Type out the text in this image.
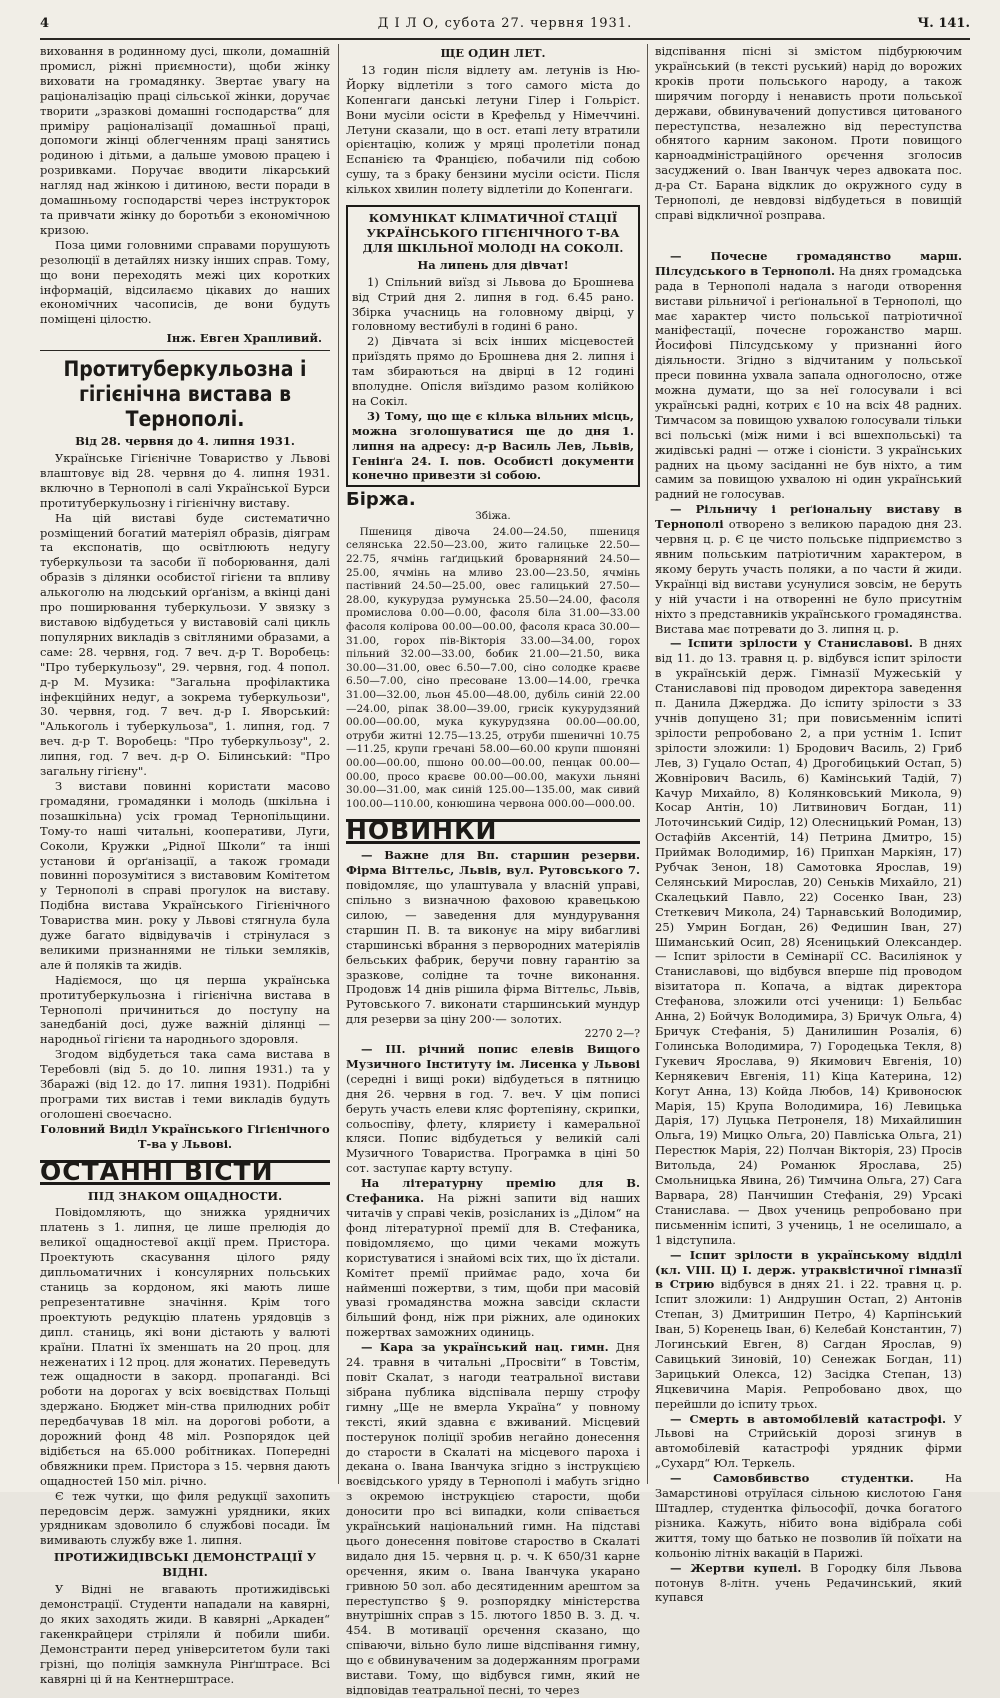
4	Д І Л О, субота 27. червня 1931.	Ч. 141.

виховання в родинному дусі, школи, домашній промисл, ріжні приємности), щоби жінку виховати на громадянку. Звертає увагу на раціоналізацію праці сільської жінки, доручає творити „зразкові домашні господарства“ для приміру раціоналізації домашньої праці, допомоги жінці облегченням праці занятись родиною і дітьми, а дальше умовою працею і розривками. Поручає вводити лікарський нагляд над жінкою і дитиною, вести поради в домашньому господарстві через інструкторок та привчати жінку до боротьби з економічною кризою.

Поза цими головними справами порушують резолюції в детайлях низку інших справ. Тому, що вони переходять межі цих коротких інформацій, відсилаємо цікавих до наших економічних часописів, де вони будуть поміщені цілостю.

Інж. Евген Храпливий.
Протитуберкульозна і гігієнічна вистава в Тернополі.
Від 28. червня до 4. липня 1931.

Українське Гігієнічне Товариство у Львові влаштовує від 28. червня до 4. липня 1931. включно в Тернополі в салі Української Бурси протитуберкульозну і гігієнічну виставу.

На цій виставі буде систематично розміщений богатий матеріял образів, діяграм та експонатів, що освітлюють недугу туберкульози та засоби її поборювання, далі образів з ділянки особистої гігієни та впливу алькоголю на людський орґанізм, а вкінці дані про поширювання туберкульози. У звязку з виставою відбудеться у виставовій салі цикль популярних викладів з світляними образами, а саме: 28. червня, год. 7 веч. д-р Т. Воробець: "Про туберкульозу", 29. червня, год. 4 попол. д-р М. Музика: "Загальна профілактика інфекційних недуг, а зокрема туберкульози", 30. червня, год. 7 веч. д-р І. Яворський: "Алькоголь і туберкульоза", 1. липня, год. 7 веч. д-р Т. Воробець: "Про туберкульозу", 2. липня, год. 7 веч. д-р О. Білинський: "Про загальну гігієну".

З вистави повинні користати масово громадяни, громадянки і молодь (шкільна і позашкільна) усіх громад Тернопільщини. Тому-то наші читальні, кооперативи, Луги, Соколи, Кружки „Рідної Школи“ та інші установи й орґанізації, а також громади повинні порозумітися з виставовим Комітетом у Тернополі в справі прогулок на виставу. Подібна вистава Українського Гігієнічного Товариства мин. року у Львові стягнула була дуже багато відвідувачів і стрінулася з великими признаннями не тільки земляків, але й поляків та жидів.

Надіємося, що ця перша українська протитуберкульозна і гігієнічна вистава в Тернополі причиниться до поступу на занедбаній досі, дуже важній ділянці — народньої гігієни та народнього здоровля.

Згодом відбудеться така сама вистава в Теребовлі (від 5. до 10. липня 1931.) та у Збаражі (від 12. до 17. липня 1931). Подрібні програми тих вистав і теми викладів будуть оголошені своєчасно.

Головний Виділ Українського Гігієнічного Т-ва у Львові.
ОСТАННІ ВІСТИ
ПІД ЗНАКОМ ОЩАДНОСТИ.

Повідомляють, що знижка урядничих платень з 1. липня, це лише прелюдія до великої ощадностевої акції прем. Пристора. Проектують скасування цілого ряду дипльоматичних і консулярних польських станиць за кордоном, які мають лише репрезентативне значіння. Крім того проектують редукцію платень урядовців з дипл. станиць, які вони дістають у валюті країни. Платні їх зменшать на 20 проц. для неженатих і 12 проц. для жонатих. Переведуть теж ощадности в закорд. пропаганді. Всі роботи на дорогах у всіх воєвідствах Польщі здержано. Бюджет мін-ства прилюдних робіт передбачував 18 міл. на дорогові роботи, а дорожний фонд 48 міл. Розпорядок цей відібється на 65.000 робітниках. Попередні обвяжники прем. Пристора з 15. червня дають ощадностей 150 міл. річно.

Є теж чутки, що филя редукції захопить передовсім держ. замужні урядники, яких урядникам здоволило б службові посади. Їм вимивають службу вже 1. липня.

ПРОТИЖИДІВСЬКІ ДЕМОНСТРАЦІЇ У ВІДНІ.

У Відні не вгавають протижидівські демонстрації. Студенти нападали на кавярні, до яких заходять жиди. В кавярні „Аркаден“ гакенкрайцери стріляли й побили шиби. Демонстранти перед університетом були такі грізні, що поліція замкнула Рінґштрасе. Всі кавярні ці й на Кентнерштрасе.

ЩЕ ОДИН ЛЕТ.

13 годин після відлету ам. летунів із Ню-Йорку відлетіли з того самого міста до Копенгаги данські летуни Гілер і Гольріст. Вони мусіли осісти в Крефельд у Німеччині. Летуни сказали, що в ост. етапі лету втратили орієнтацію, колиж у мряці пролетіли понад Еспанією та Францією, побачили під собою сушу, та з браку бензини мусіли осісти. Після кількох хвилин полету відлетіли до Копенгаги.

КОМУНІКАТ КЛІМАТИЧНОЇ СТАЦІЇ УКРАЇНСЬКОГО ГІГІЄНІЧНОГО Т-ВА ДЛЯ ШКІЛЬНОЇ МОЛОДІ НА СОКОЛІ.
На липень для дівчат!

1) Спільний виїзд зі Львова до Брошнева від Стрий дня 2. липня в год. 6.45 рано. Збірка учасниць на головному двірці, у головному вестибулі в годині 6 рано.

2) Дівчата зі всіх інших місцевостей приїздять прямо до Брошнева дня 2. липня і там збираються на двірці в 12 годині вполудне. Опісля виїздимо разом колійкою на Сокіл.

3) Тому, що ще є кілька вільних місць, можна зголошуватися ще до дня 1. липня на адресу: д-р Василь Лев, Львів, Генінґа 24. І. пов. Особисті документи конечно привезти зі собою.

Біржа.
Збіжа.

Пшениця дівоча 24.00—24.50, пшениця селянська 22.50—23.00, жито галицьке 22.50—22.75, ячмінь гаґдицький броварняний 24.50—25.00, ячмінь на мливо 23.00—23.50, ячмінь пастівний 24.50—25.00, овес галицький 27.50—28.00, кукурудза румунська 25.50—24.00, фасоля промислова 0.00—0.00, фасоля біла 31.00—33.00 фасоля колірова 00.00—00.00, фасоля краса 30.00—31.00, горох пів-Вікторія 33.00—34.00, горох пільний 32.00—33.00, бобик 21.00—21.50, вика 30.00—31.00, овес 6.50—7.00, сіно солодке краєве 6.50—7.00, сіно пресоване 13.00—14.00, гречка 31.00—32.00, льон 45.00—48.00, дубіль синій 22.00—24.00, ріпак 38.00—39.00, грисік кукурудзяний 00.00—00.00, мука кукурудзяна 00.00—00.00, отруби житні 12.75—13.25, отруби пшеничні 10.75—11.25, крупи гречані 58.00—60.00 крупи пшоняні 00.00—00.00, пшоно 00.00—00.00, пенцак 00.00—00.00, просо краєве 00.00—00.00, макухи льняні 30.00—31.00, мак синій 125.00—135.00, мак сивий 100.00—110.00, конюшина червона 000.00—000.00.

НОВИНКИ

— Важне для Вп. старшин резерви. Фірма Віттельс, Львів, вул. Рутовського 7. повідомляє, що улаштувала у власній управі, спільно з визначною фаховою кравецькою силою, — заведення для мундурування старшин П. В. та виконує на міру вибагливі старшинські вбрання з первородних матеріялів бельських фабрик, беручи повну гарантію за зразкове, солідне та точне виконання. Продовж 14 днів рішила фірма Віттельс, Львів, Рутовського 7. виконати старшинський мундур для резерви за ціну 200·— золотих.

2270 2—?

— ІІІ. річний попис елевів Вищого Музичного Інституту ім. Лисенка у Львові (середні і вищі роки) відбудеться в пятницю дня 26. червня в год. 7. веч. У цім пописі беруть участь елеви кляс фортепіяну, скрипки, сольоспіву, флету, кляриєту і камеральної кляси. Попис відбудеться у великій салі Музичного Товариства. Програмка в ціні 50 сот. заступає карту вступу.

На літературну премію для В. Стефаника. На ріжні запити від наших читачів у справі чеків, розісланих із „Ділом“ на фонд літературної премії для В. Стефаника, повідомляємо, що цими чеками можуть користуватися і знайомі всіх тих, що їх дістали. Комітет премії приймає радо, хоча би найменші пожертви, з тим, щоби при масовій увазі громадянства можна завсіди скласти більший фонд, ніж при ріжних, але одиноких пожертвах заможних одиниць.

— Кара за український нац. гимн. Дня 24. травня в читальні „Просвіти“ в Товстім, повіт Скалат, з нагоди театральної вистави зібрана публика відспівала першу строфу гимну „Ще не вмерла Україна“ у повному тексті, який здавна є вживаний. Місцевий постерунок поліції зробив негайно донесення до старости в Скалаті на місцевого пароха і декана о. Івана Іванчука згідно з інструкцією воєвідського уряду в Тернополі і мабуть згідно з окремою інструкцією старости, щоби доносити про всі випадки, коли співається український національний гимн. На підставі цього донесення повітове староство в Скалаті видало дня 15. червня ц. р. ч. К 650/31 карне орєчення, яким о. Івана Іванчука укарано гривною 50 зол. або десятиденним арештом за переступство § 9. розпорядку міністерства внутрішніх справ з 15. лютого 1850 В. З. Д. ч. 454. В мотивації орєчення сказано, що співаючи, вільно було лише відспівання гимну, що є обвинуваченим за додержанням програми вистави. Тому, що відбувся гимн, який не відповідав театральної песні, то через

відспівання пісні зі змістом підбурюючим український (в тексті руський) нарід до ворожих кроків проти польського народу, а також ширячим погорду і ненависть проти польської держави, обвинувачений допустився цитованого переступства, незалежно від переступства обнятого карним законом. Проти повищого карноадміністраційного орєчення зголосив засуджений о. Іван Іванчук через адвоката пос. д-ра Ст. Барана відклик до окружного суду в Тернополі, де невдовзі відбудеться в повищій справі відкличної розправа.

— Почесне громадянство марш. Пілсудського в Тернополі. На днях громадська рада в Тернополі надала з нагоди отворення вистави рільничої і реґіональної в Тернополі, що має характер чисто польської патріотичної маніфестації, почесне горожанство марш. Йосифові Пілсудському у признанні його діяльности. Згідно з відчитаним у польської преси повинна ухвала запала одноголосно, отже можна думати, що за неї голосували і всі українські радні, котрих є 10 на всіх 48 радних. Тимчасом за повищою ухвалою голосували тільки всі польські (між ними і всі вшехпольські) та жидівські радні — отже і сіоністи. З українських радних на цьому засіданні не був ніхто, а тим самим за повищою ухвалою ні один український радний не голосував.

— Рільничу і реґіональну виставу в Тернополі отворено з великою парадою дня 23. червня ц. р. Є це чисто польське підприємство з явним польським патріотичним характером, в якому беруть участь поляки, а по части й жиди. Українці від вистави усунулися зовсім, не беруть у ній участи і на отворенні не було присутнім ніхто з представників українського громадянства. Вистава має потревати до 3. липня ц. р.

— Іспити зрілости у Станиславові. В днях від 11. до 13. травня ц. р. відбувся іспит зрілости в українській держ. Гімназії Мужеській у Станиславові під проводом директора заведення п. Данила Джерджа. До іспиту зрілости з 33 учнів допущено 31; при повисьменнім іспиті зрілости репробовано 2, а при устнім 1. Іспит зрілости зложили: 1) Бродович Василь, 2) Гриб Лев, 3) Гуцало Остап, 4) Дрогобицький Остап, 5) Жовнірович Василь, 6) Камінський Тадій, 7) Качур Михайло, 8) Колянковський Микола, 9) Косар Антін, 10) Литвинович Богдан, 11) Лоточинський Сидір, 12) Олесницький Роман, 13) Остафійв Аксентій, 14) Петрина Дмитро, 15) Приймак Володимир, 16) Припхан Маркіян, 17) Рубчак Зенон, 18) Самотовка Ярослав, 19) Селянський Мирослав, 20) Сеньків Михайло, 21) Скалецький Павло, 22) Сосенко Іван, 23) Стеткевич Микола, 24) Тарнавський Володимир, 25) Умрин Богдан, 26) Федишин Іван, 27) Шиманський Осип, 28) Ясеницький Олександер. — Іспит зрілости в Семінарії СС. Василіянок у Станиславові, що відбувся вперше під проводом візитатора п. Копача, а відтак директора Стефанова, зложили отсі ученици: 1) Бельбас Анна, 2) Бойчук Володимира, 3) Бричук Ольга, 4) Бричук Стефанія, 5) Данилишин Розалія, 6) Голинська Володимира, 7) Городецька Текля, 8) Гукевич Ярослава, 9) Якимович Евгенія, 10) Кернякевич Евгенія, 11) Кіца Катерина, 12) Когут Анна, 13) Койда Любов, 14) Кривоносюк Марія, 15) Крупа Володимира, 16) Левицька Дарія, 17) Луцька Петронеля, 18) Михайлишин Ольга, 19) Мицко Ольга, 20) Павліська Ольга, 21) Перестюк Марія, 22) Полчан Вікторія, 23) Пpocів Витольда, 24) Романюк Ярослава, 25) Смольницька Явина, 26) Тимчина Ольга, 27) Сага Варвара, 28) Панчишин Стефанія, 29) Урсакі Станислава. — Двох учениць репробовано при письменнім іспиті, 3 учениць, 1 не оселишало, а 1 відступила.

— Іспит зрілости в українському відділі (кл. VIII. Ц) І. держ. утраквістичної гімназії в Стрию відбувся в днях 21. і 22. травня ц. р. Іспит зложили: 1) Андрушин Остап, 2) Антонів Степан, 3) Дмитришин Петро, 4) Карпінський Іван, 5) Коренець Іван, 6) Келебай Константин, 7) Логинський Евген, 8) Сагдан Ярослав, 9) Савицький Зиновій, 10) Сенежак Богдан, 11) Зарицький Олекса, 12) Засідка Степан, 13) Яцкевичина Марія. Репробовано двох, що перейшли до іспиту трьох.

— Смерть в автомобілевій катастрофі. У Львові на Стрийській дорозі згинув в автомобілевій катастрофі урядник фірми „Сухард“ Юл. Теркель.

— Самовбивство студентки.	На Замарстинові отруїлася сільною кислотою Ганя Штадлер, студентка фільософії, дочка богатого різника. Кажуть, нібито вона відібрала собі життя, тому що батько не позволив їй поїхати на кольонію літніх вакацій в Парижі.

— Жертви купелі. В Городку біля Львова потонув 8-літн. учень Редачинський, який купався
